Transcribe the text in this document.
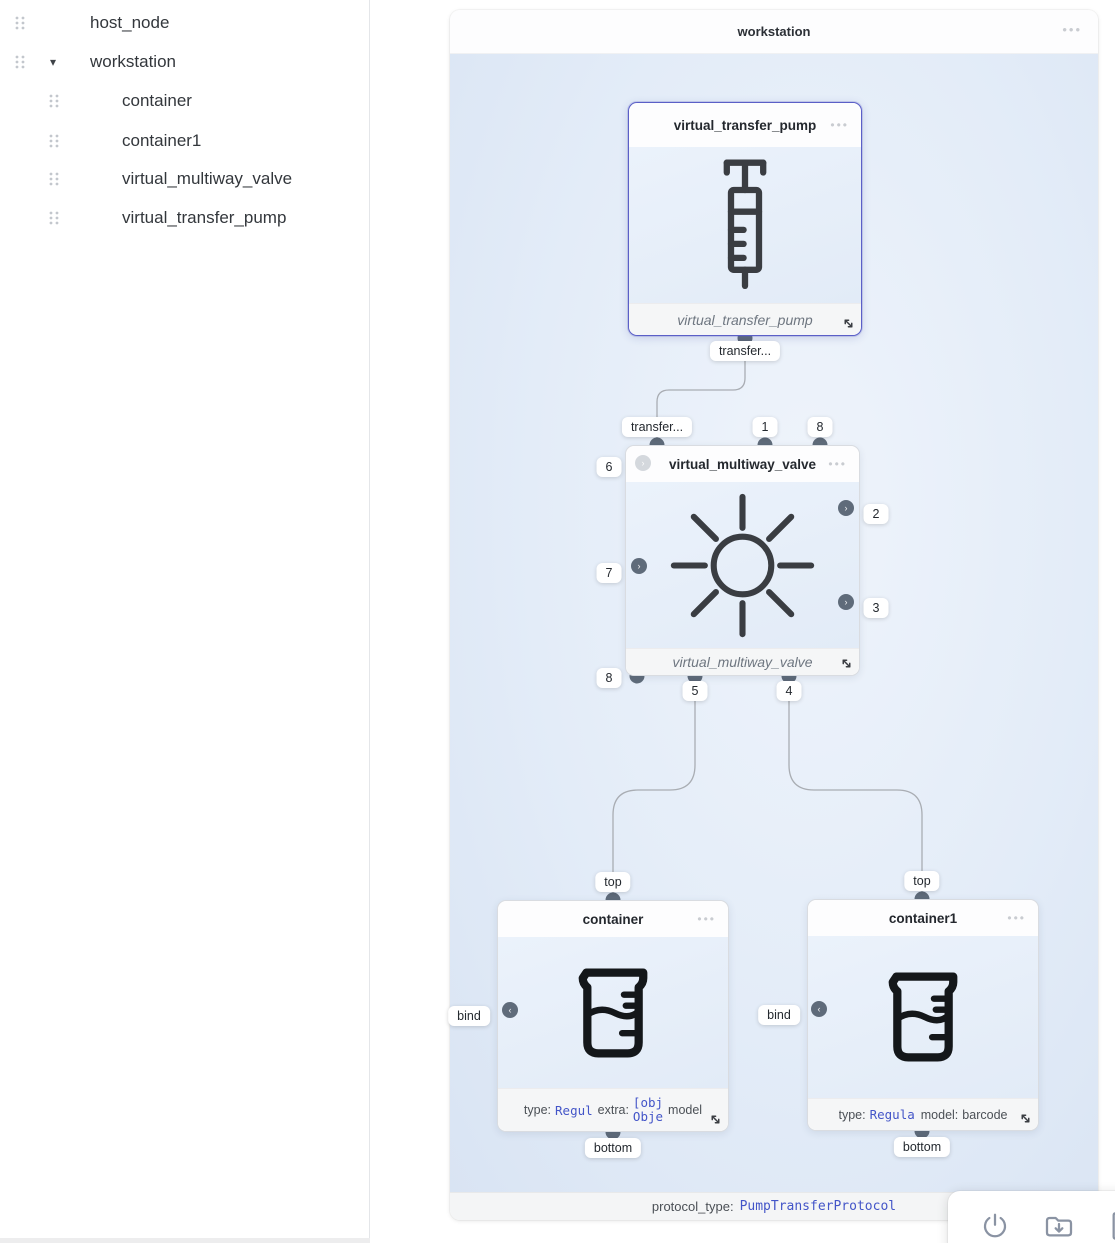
host_node
▾ workstation
container
container1
virtual_multiway_valve
virtual_transfer_pump
workstation	•••
protocol_type: PumpTransferProtocol
virtual_transfer_pump •••
virtual_transfer_pump
virtual_multiway_valve •••
virtual_multiway_valve
container	•••
type: Regul extra:
[obj
Obje model
container1	•••
type: Regula model: barcode
›
›
›
›
‹	‹
transfer...
transfer...	1	8
6
7
2
3
8
5	4
top
bind
bottom
top
bind
bottom
